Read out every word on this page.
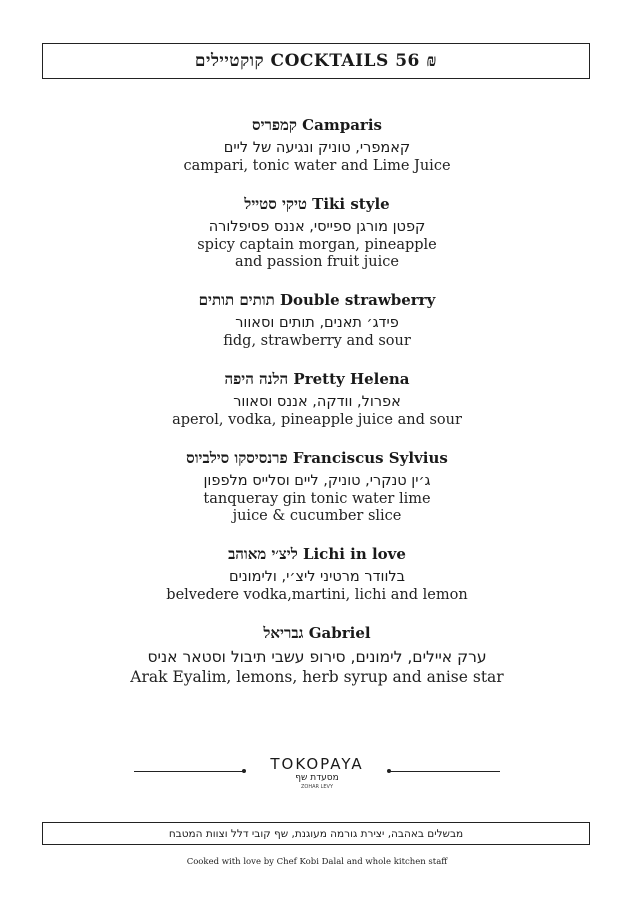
קוקטיילים COCKTAILS 56 ₪
קמפריס Camparis
קאמפרי, טוניק ונגיעה של ליים
campari, tonic water and Lime Juice
טיקי סטייל Tiki style
קפטן מורגן ספייסי, אננס פסיפלורה
spicy captain morgan, pineapple
and passion fruit juice
תותים תותים Double strawberry
פידג׳ תאנים, תותים וסאוור
fidg, strawberry and sour
הלנה היפה Pretty Helena
אפרול, וודקה, אננס וסאוור
aperol, vodka, pineapple juice and sour
פרנסיסקו סילביוס Franciscus Sylvius
ג׳ין טנקרי, טוניק, ליים וסלייס מלפפון
tanqueray gin tonic water lime
juice & cucumber slice
ליצ׳י מאוהב Lichi in love
בלוודר מרטיני ליצ׳י, ולימונים
belvedere vodka,martini, lichi and lemon
גבריאל Gabriel
ערק איילים, לימונים, סירופ עשבי תיבול וסטאר אניס
Arak Eyalim, lemons, herb syrup and anise star
TOKOPAYA
מסעדת שף
ZOHAR LEVY
מבשלים באהבה, יצירת גורמה מעוגנת, שף קובי דלל וצוות המטבח
Cooked with love by Chef Kobi Dalal and whole kitchen staff
